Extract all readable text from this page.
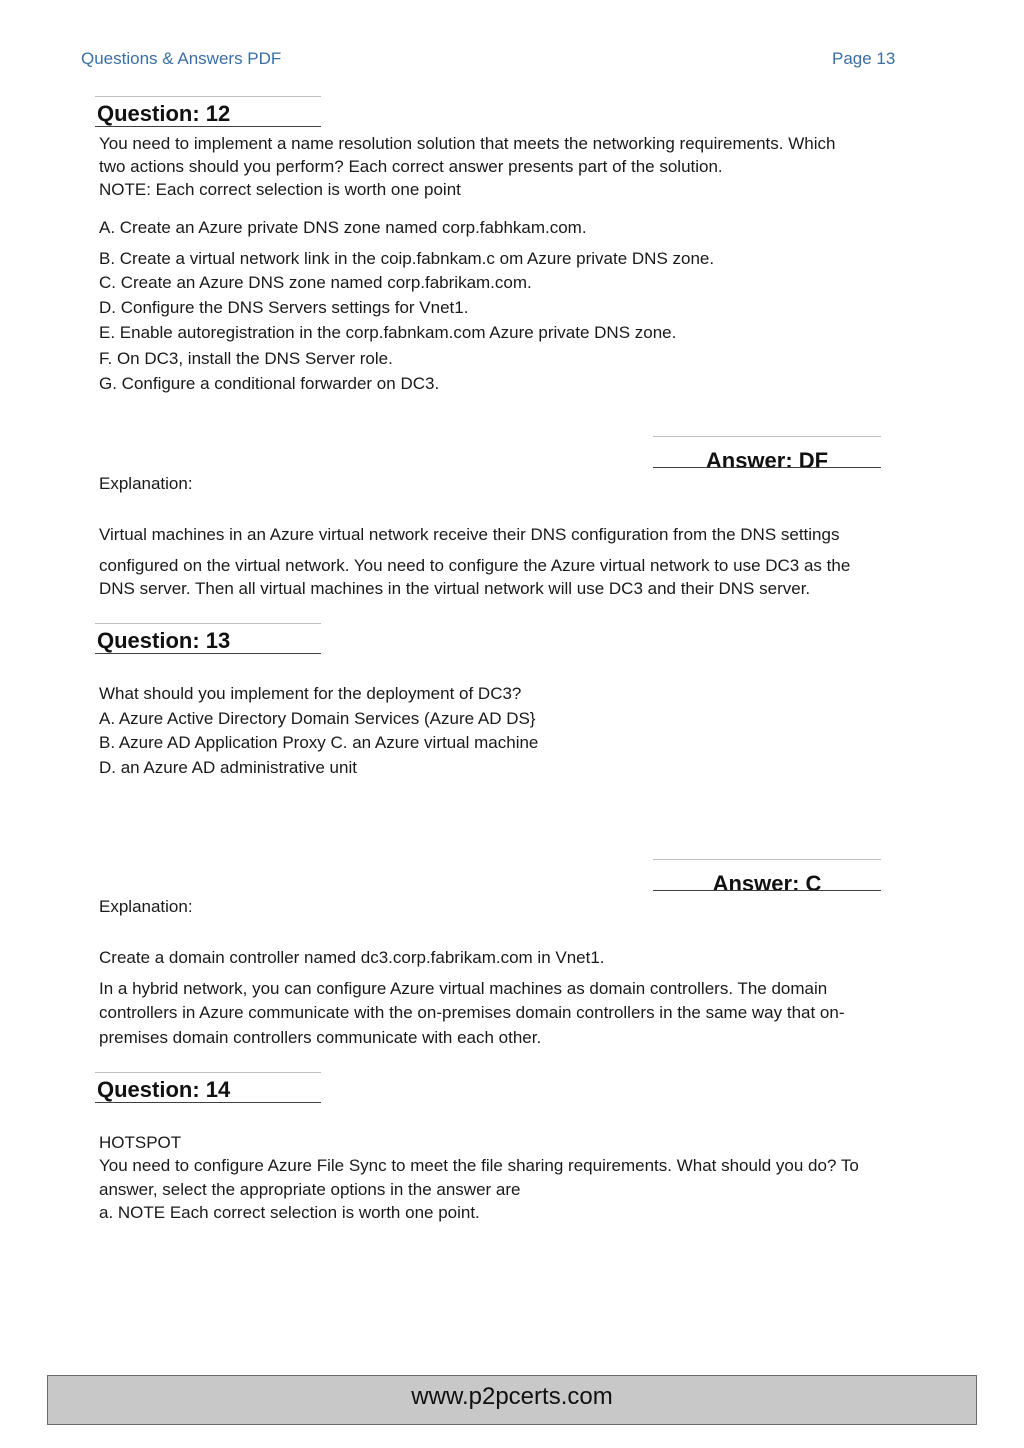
Questions & Answers PDF	Page 13
Question: 12
You need to implement a name resolution solution that meets the networking requirements. Which
two actions should you perform? Each correct answer presents part of the solution.
NOTE: Each correct selection is worth one point
A. Create an Azure private DNS zone named corp.fabhkam.com.
B. Create a virtual network link in the coip.fabnkam.c om Azure private DNS zone.
C. Create an Azure DNS zone named corp.fabrikam.com.
D. Configure the DNS Servers settings for Vnet1.
E. Enable autoregistration in the corp.fabnkam.com Azure private DNS zone.
F. On DC3, install the DNS Server role.
G. Configure a conditional forwarder on DC3.
Answer: DF
Explanation:
Virtual machines in an Azure virtual network receive their DNS configuration from the DNS settings
configured on the virtual network. You need to configure the Azure virtual network to use DC3 as the
DNS server. Then all virtual machines in the virtual network will use DC3 and their DNS server.
Question: 13
What should you implement for the deployment of DC3?
A. Azure Active Directory Domain Services (Azure AD DS}
B. Azure AD Application Proxy C. an Azure virtual machine
D. an Azure AD administrative unit
Answer: C
Explanation:
Create a domain controller named dc3.corp.fabrikam.com in Vnet1.
In a hybrid network, you can configure Azure virtual machines as domain controllers. The domain
controllers in Azure communicate with the on-premises domain controllers in the same way that on-
premises domain controllers communicate with each other.
Question: 14
HOTSPOT
You need to configure Azure File Sync to meet the file sharing requirements. What should you do? To
answer, select the appropriate options in the answer are
a. NOTE Each correct selection is worth one point.
www.p2pcerts.com
